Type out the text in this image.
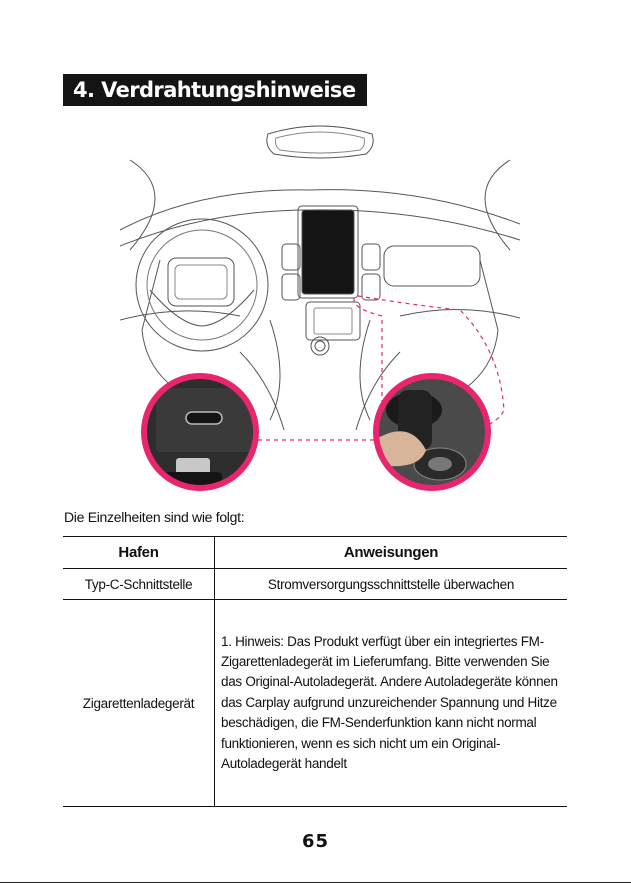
4. Verdrahtungshinweise
Die Einzelheiten sind wie folgt:
Hafen	Anweisungen
Typ-C-Schnittstelle	Stromversorgungsschnittstelle überwachen
Zigarettenladegerät	1. Hinweis: Das Produkt verfügt über ein integriertes FM-Zigarettenladegerät im Lieferumfang. Bitte verwenden Sie das Original-Autoladegerät. Andere Autoladegeräte können das Carplay aufgrund unzureichender Spannung und Hitze beschädigen, die FM-Senderfunktion kann nicht normal funktionieren, wenn es sich nicht um ein Original-Autoladegerät handelt
65
